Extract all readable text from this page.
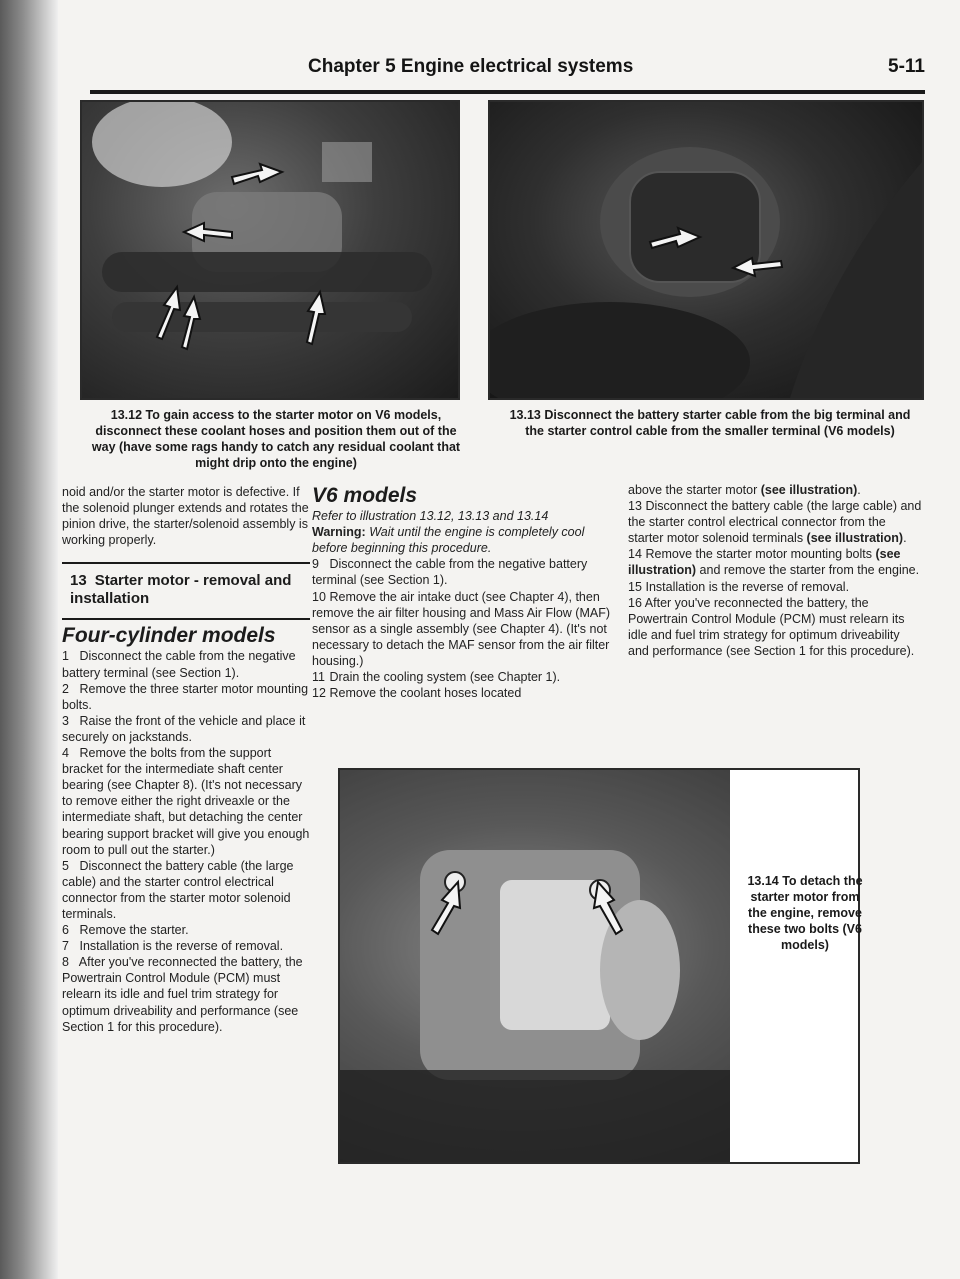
Chapter 5 Engine electrical systems	5-11
13.12 To gain access to the starter motor on V6 models, disconnect these coolant hoses and position them out of the way (have some rags handy to catch any residual coolant that might drip onto the engine)
13.13 Disconnect the battery starter cable from the big terminal and the starter control cable from the smaller terminal (V6 models)

noid and/or the starter motor is defective. If the solenoid plunger extends and rotates the pinion drive, the starter/solenoid assembly is working properly.

13 Starter motor - removal and installation
Four-cylinder models

1 Disconnect the cable from the negative battery terminal (see Section 1).

2 Remove the three starter motor mounting bolts.

3 Raise the front of the vehicle and place it securely on jackstands.

4 Remove the bolts from the support bracket for the intermediate shaft center bearing (see Chapter 8). (It's not necessary to remove either the right driveaxle or the intermediate shaft, but detaching the center bearing support bracket will give you enough room to pull out the starter.)

5 Disconnect the battery cable (the large cable) and the starter control electrical connector from the starter motor solenoid terminals.

6 Remove the starter.

7 Installation is the reverse of removal.

8 After you've reconnected the battery, the Powertrain Control Module (PCM) must relearn its idle and fuel trim strategy for optimum driveability and performance (see Section 1 for this procedure).

V6 models

Refer to illustration 13.12, 13.13 and 13.14

Warning: Wait until the engine is completely cool before beginning this procedure.

9 Disconnect the cable from the negative battery terminal (see Section 1).

10 Remove the air intake duct (see Chapter 4), then remove the air filter housing and Mass Air Flow (MAF) sensor as a single assembly (see Chapter 4). (It's not necessary to detach the MAF sensor from the air filter housing.)

11 Drain the cooling system (see Chapter 1).

12 Remove the coolant hoses located

above the starter motor (see illustration).

13 Disconnect the battery cable (the large cable) and the starter control electrical connector from the starter motor solenoid terminals (see illustration).

14 Remove the starter motor mounting bolts (see illustration) and remove the starter from the engine.

15 Installation is the reverse of removal.

16 After you've reconnected the battery, the Powertrain Control Module (PCM) must relearn its idle and fuel trim strategy for optimum driveability and performance (see Section 1 for this procedure).

13.14 To detach the starter motor from the engine, remove these two bolts (V6 models)
